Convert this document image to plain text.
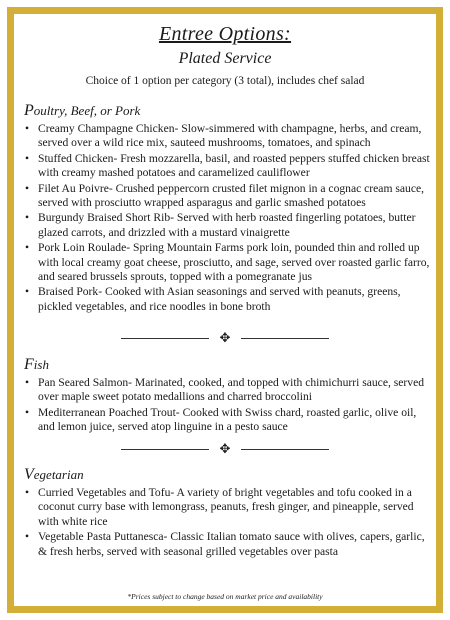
Entree Options:
Plated Service
Choice of 1 option per category (3 total), includes chef salad
Poultry, Beef, or Pork
• Creamy Champagne Chicken- Slow-simmered with champagne, herbs, and cream, served over a wild rice mix, sauteed mushrooms, tomatoes, and spinach
• Stuffed Chicken- Fresh mozzarella, basil, and roasted peppers stuffed chicken breast with creamy mashed potatoes and caramelized cauliflower
• Filet Au Poivre- Crushed peppercorn crusted filet mignon in a cognac cream sauce, served with prosciutto wrapped asparagus and garlic smashed potatoes
• Burgundy Braised Short Rib- Served with herb roasted fingerling potatoes, butter glazed carrots, and drizzled with a mustard vinaigrette
• Pork Loin Roulade- Spring Mountain Farms pork loin, pounded thin and rolled up with local creamy goat cheese, prosciutto, and sage, served over roasted garlic farro, and seared brussels sprouts, topped with a pomegranate jus
• Braised Pork- Cooked with Asian seasonings and served with peanuts, greens, pickled vegetables, and rice noodles in bone broth
✥
Fish
• Pan Seared Salmon- Marinated, cooked, and topped with chimichurri sauce, served over maple sweet potato medallions and charred broccolini
• Mediterranean Poached Trout- Cooked with Swiss chard, roasted garlic, olive oil, and lemon juice, served atop linguine in a pesto sauce
✥
Vegetarian
• Curried Vegetables and Tofu- A variety of bright vegetables and tofu cooked in a coconut curry base with lemongrass, peanuts, fresh ginger, and pineapple, served with white rice
• Vegetable Pasta Puttanesca- Classic Italian tomato sauce with olives, capers, garlic, & fresh herbs, served with seasonal grilled vegetables over pasta
*Prices subject to change based on market price and availability
